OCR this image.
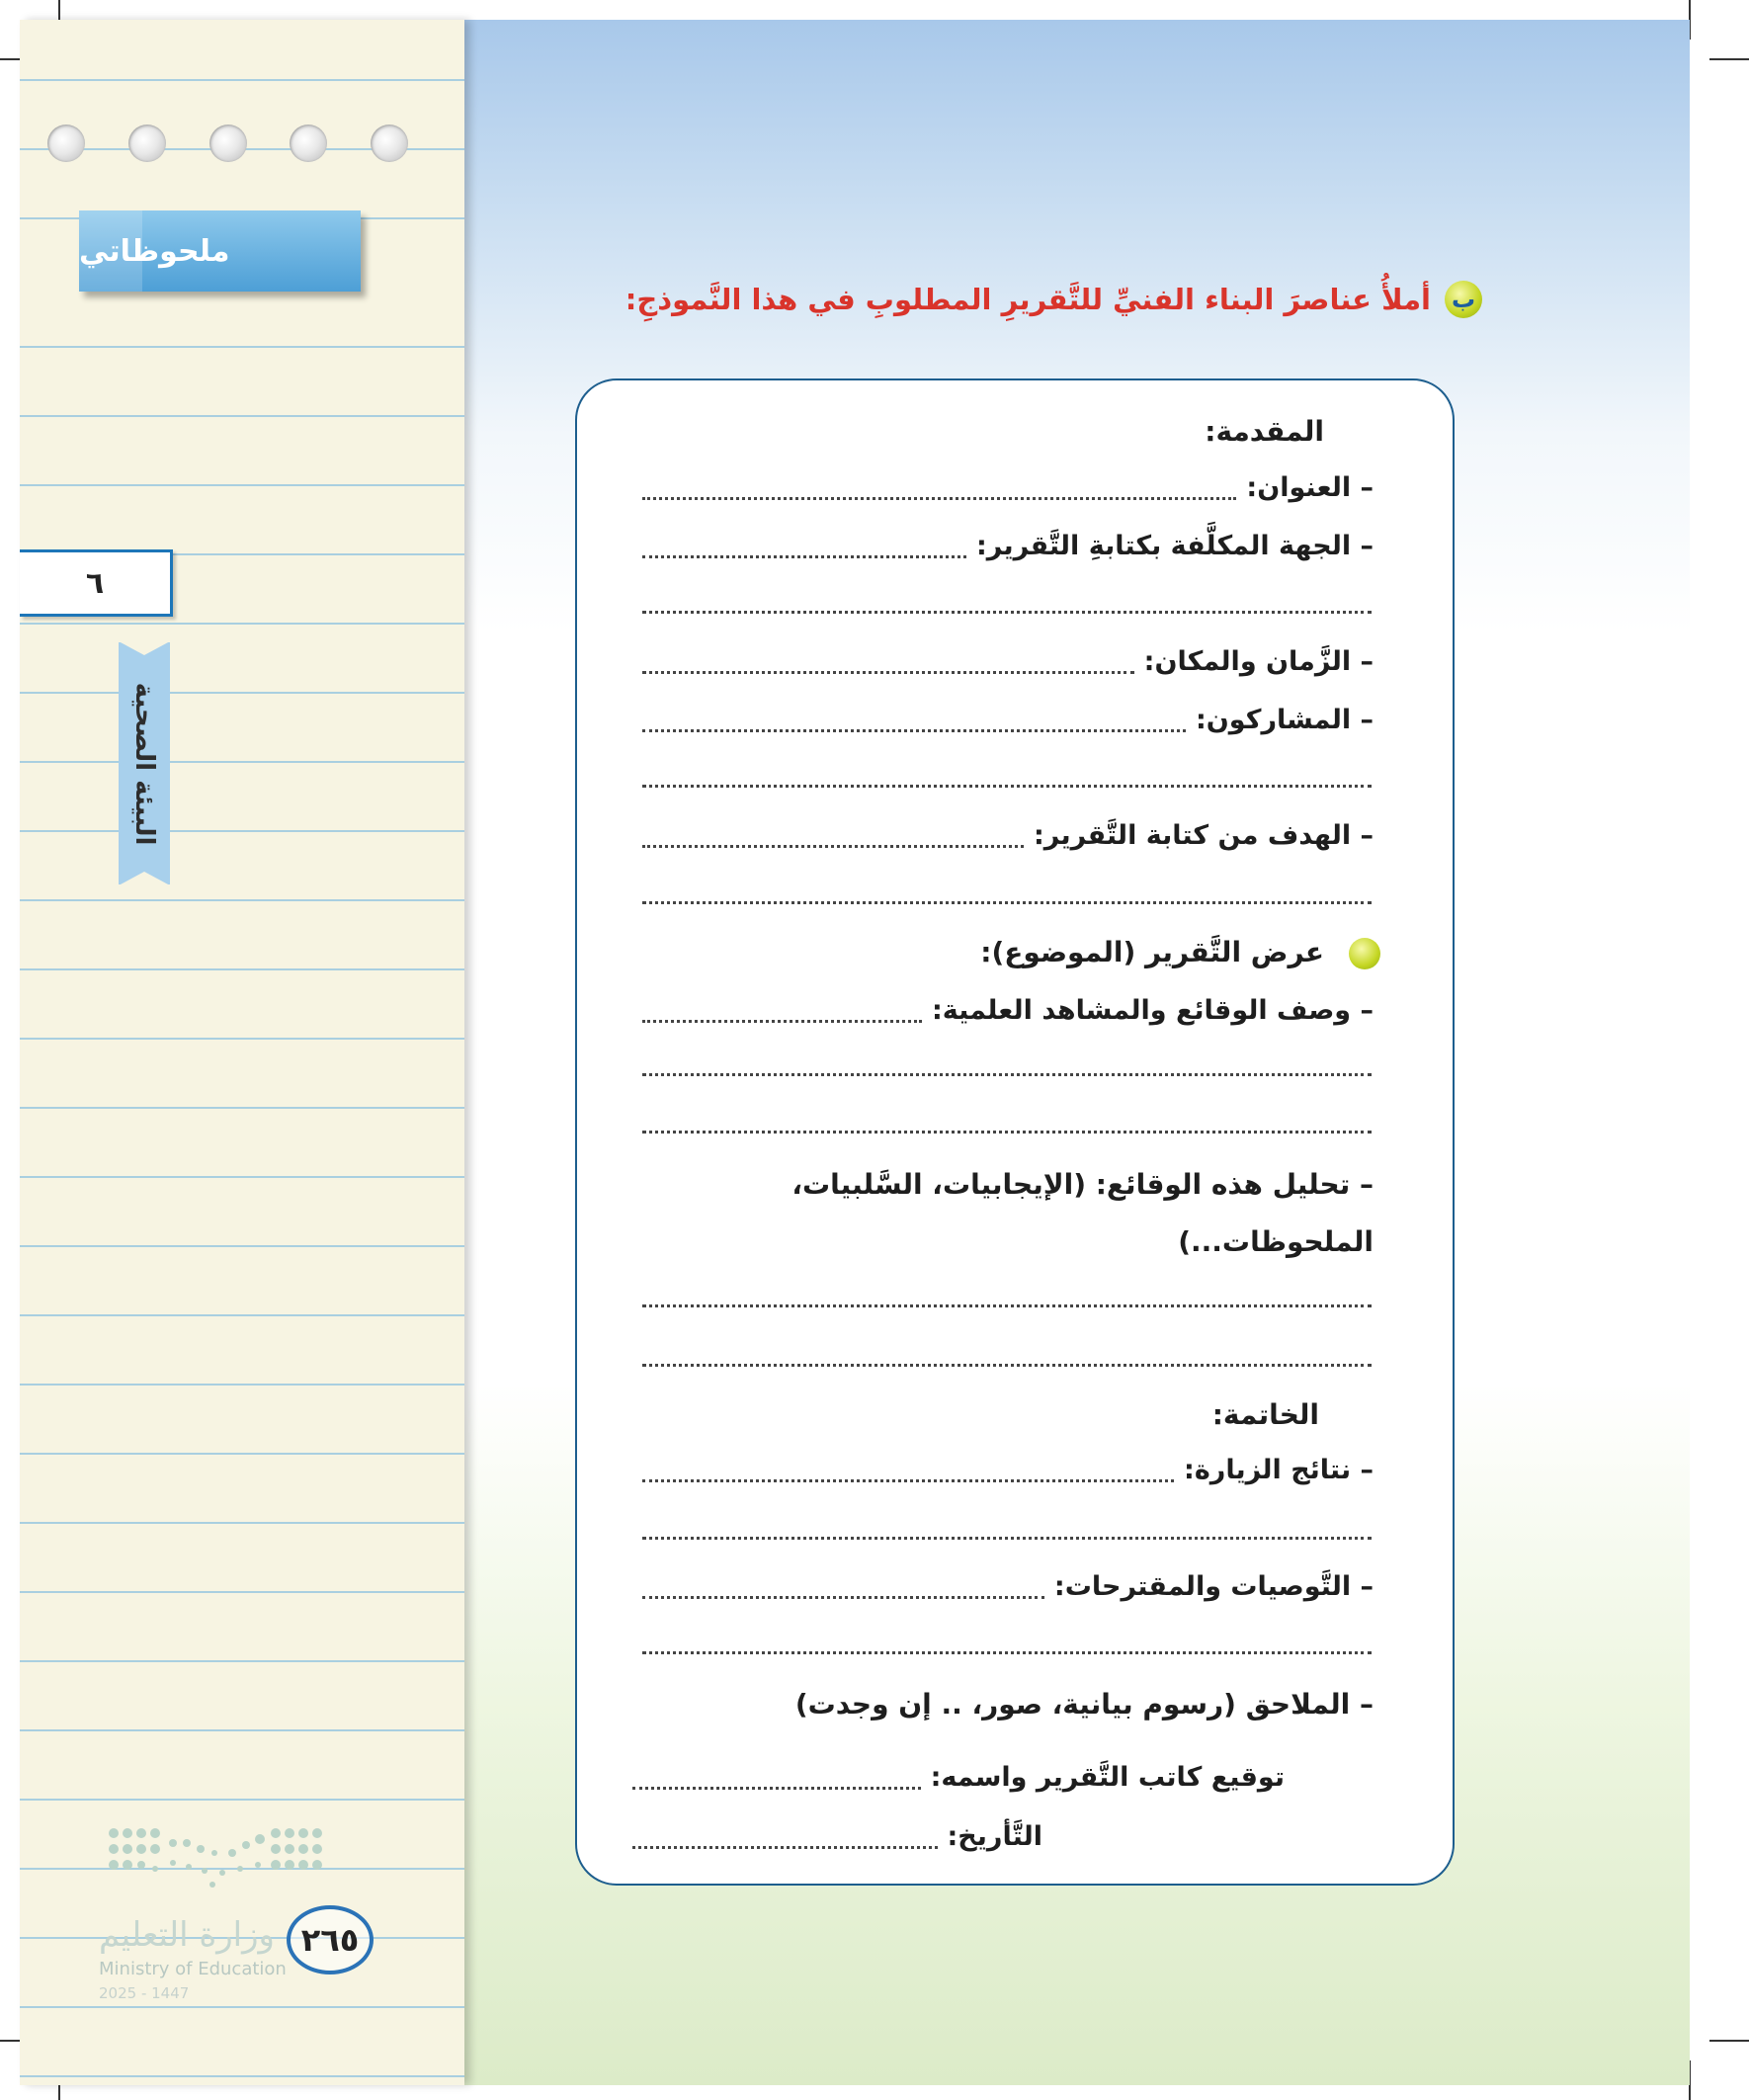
ملحوظاتي
٦
البيئة الصحية
وزارة التعليم
Ministry of Education
2025 - 1447
٢٦٥
ب
أملأُ عناصرَ البناء الفنيِّ للتَّقريرِ المطلوبِ في هذا النَّموذجِ:
المقدمة:
– العنوان:
– الجهة المكلَّفة بكتابةِ التَّقرير:
– الزَّمان والمكان:
– المشاركون:
– الهدف من كتابة التَّقرير:
عرض التَّقرير (الموضوع):
– وصف الوقائع والمشاهد العلمية:
– تحليل هذه الوقائع: (الإيجابيات، السَّلبيات،
الملحوظات...)
الخاتمة:
– نتائج الزيارة:
– التَّوصيات والمقترحات:
– الملاحق (رسوم بيانية، صور، .. إن وجدت)
توقيع كاتب التَّقرير واسمه:
التَّأريخ:
